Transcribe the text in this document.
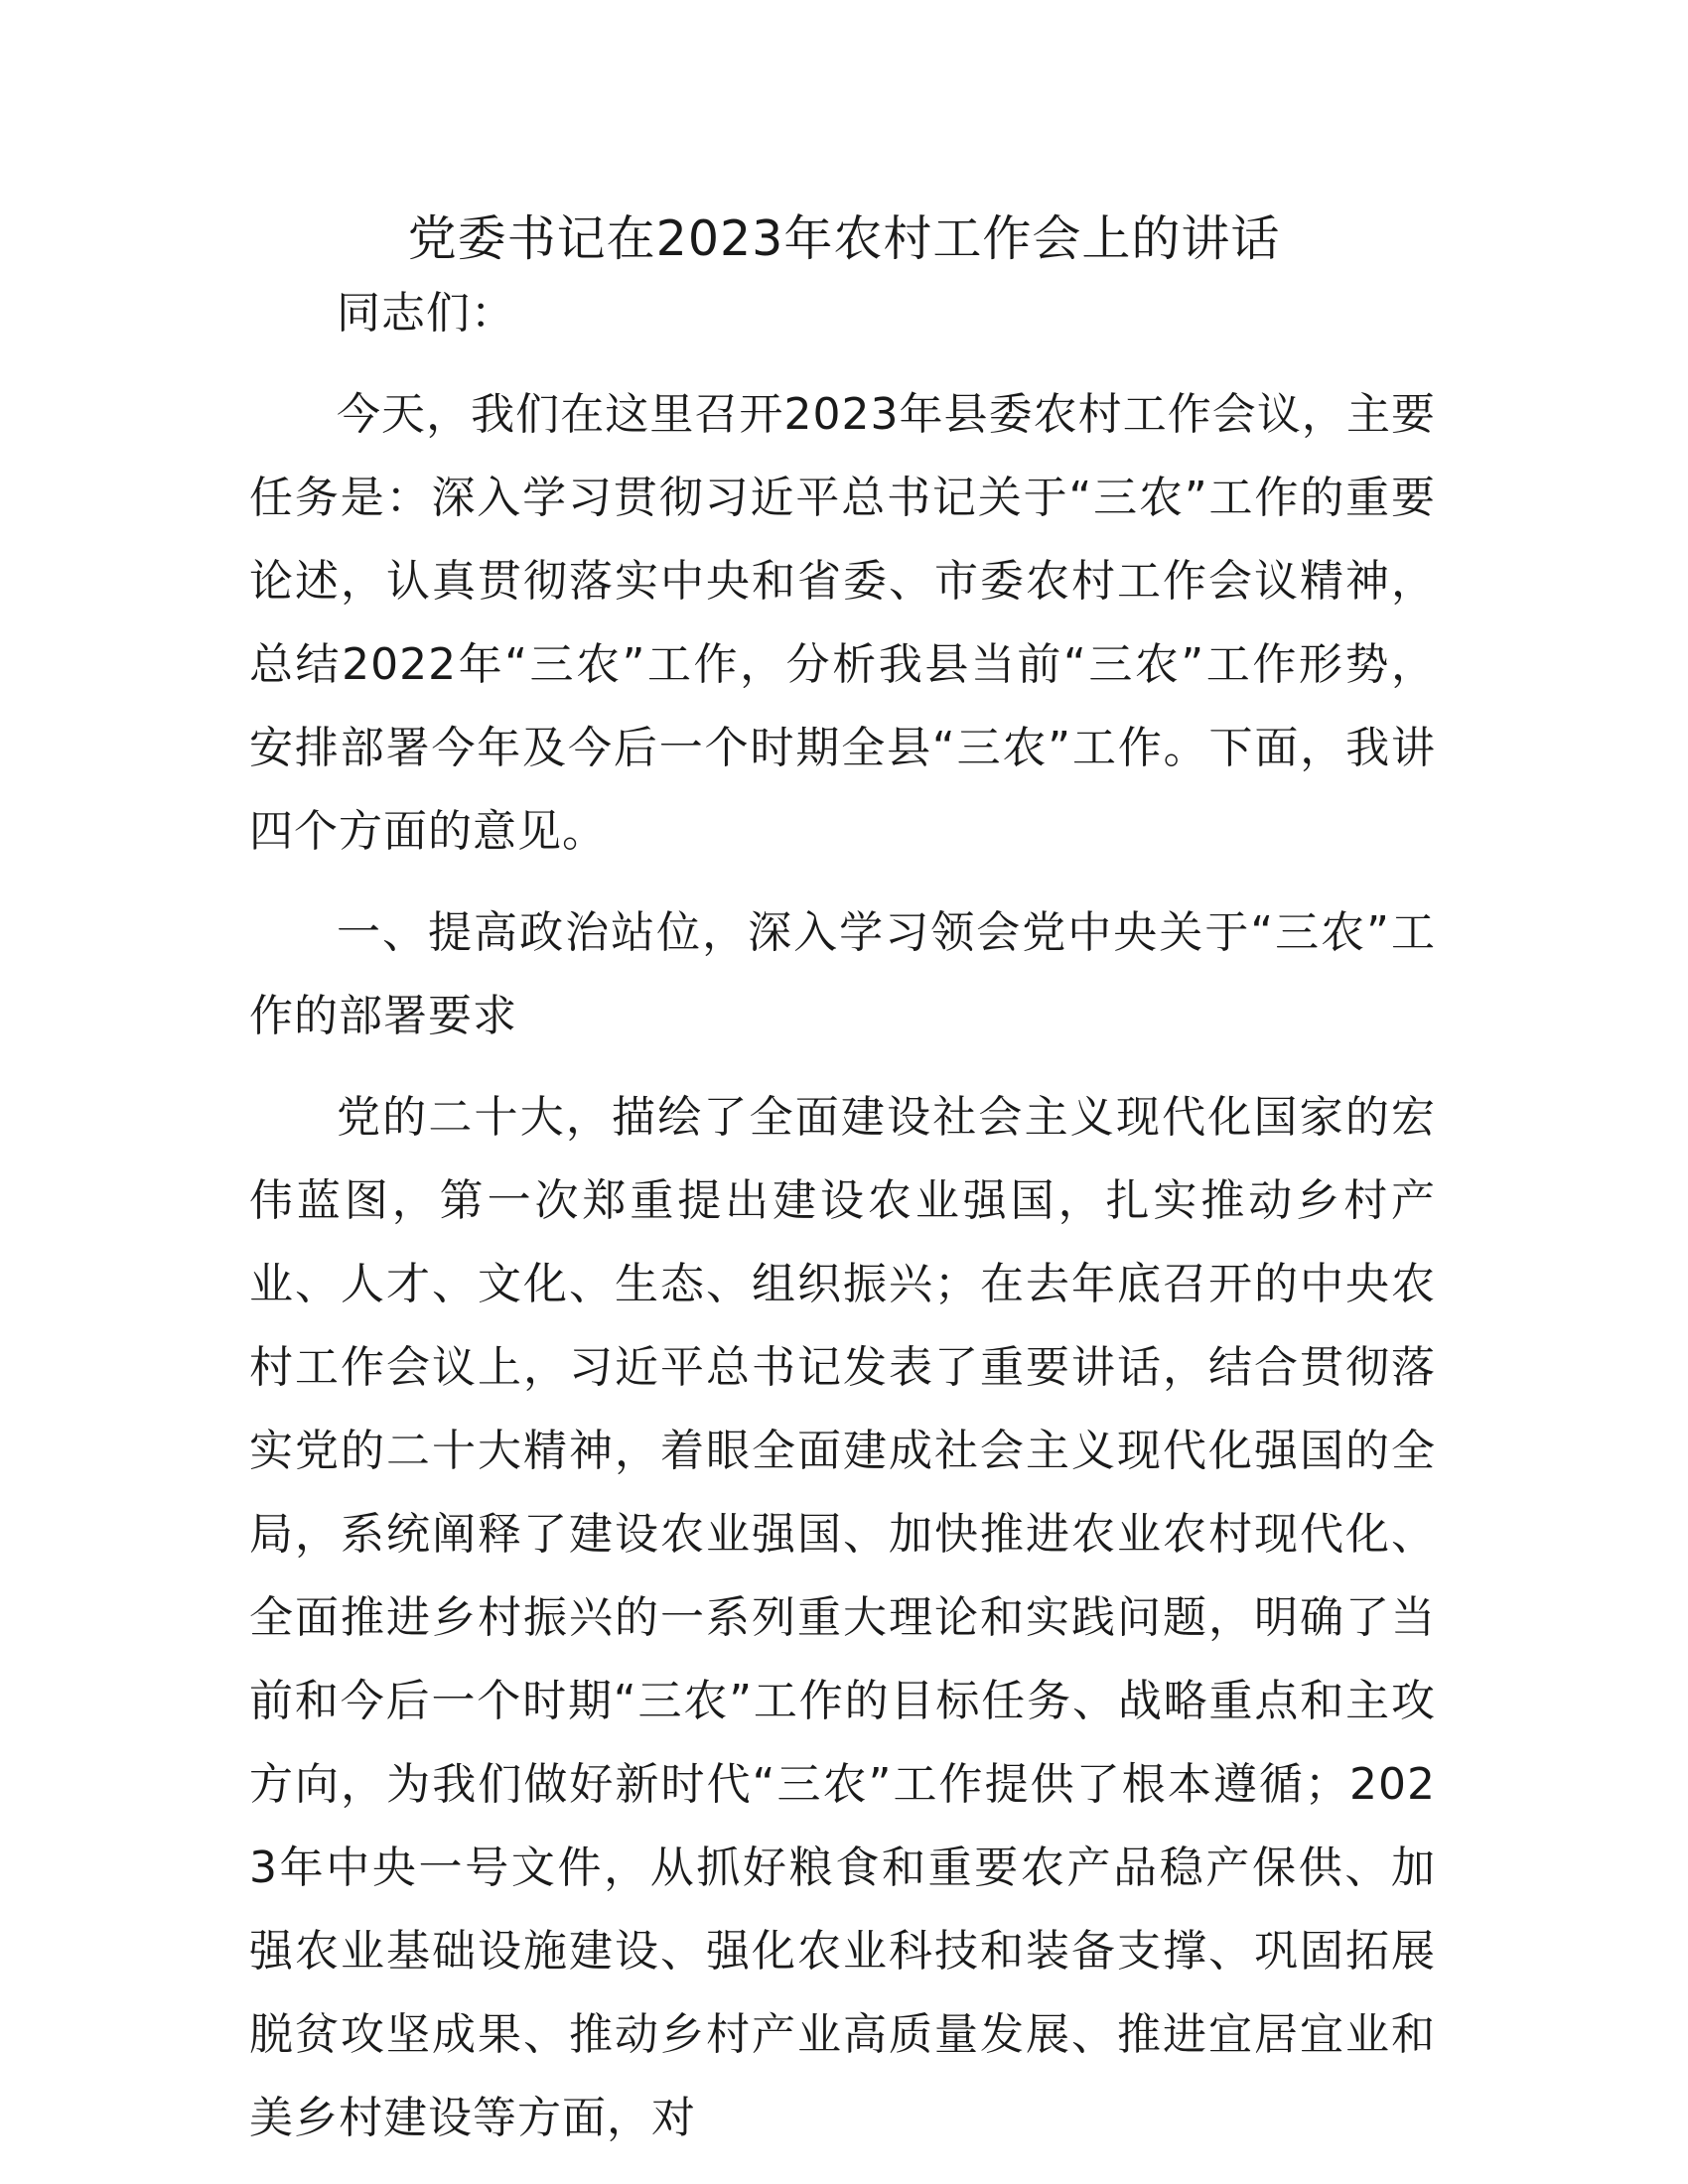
党委书记在2023年农村工作会上的讲话

同志们：

今天，我们在这里召开2023年县委农村工作会议，主要任务是：深入学习贯彻习近平总书记关于“三农”工作的重要论述，认真贯彻落实中央和省委、市委农村工作会议精神，总结2022年“三农”工作，分析我县当前“三农”工作形势，安排部署今年及今后一个时期全县“三农”工作。下面，我讲四个方面的意见。

一、提高政治站位，深入学习领会党中央关于“三农”工作的部署要求

党的二十大，描绘了全面建设社会主义现代化国家的宏伟蓝图，第一次郑重提出建设农业强国，扎实推动乡村产业、人才、文化、生态、组织振兴；在去年底召开的中央农村工作会议上，习近平总书记发表了重要讲话，结合贯彻落实党的二十大精神，着眼全面建成社会主义现代化强国的全局，系统阐释了建设农业强国、加快推进农业农村现代化、全面推进乡村振兴的一系列重大理论和实践问题，明确了当前和今后一个时期“三农”工作的目标任务、战略重点和主攻方向，为我们做好新时代“三农”工作提供了根本遵循；2023年中央一号文件，从抓好粮食和重要农产品稳产保供、加强农业基础设施建设、强化农业科技和装备支撑、巩固拓展脱贫攻坚成果、推动乡村产业高质量发展、推进宜居宜业和美乡村建设等方面，对
